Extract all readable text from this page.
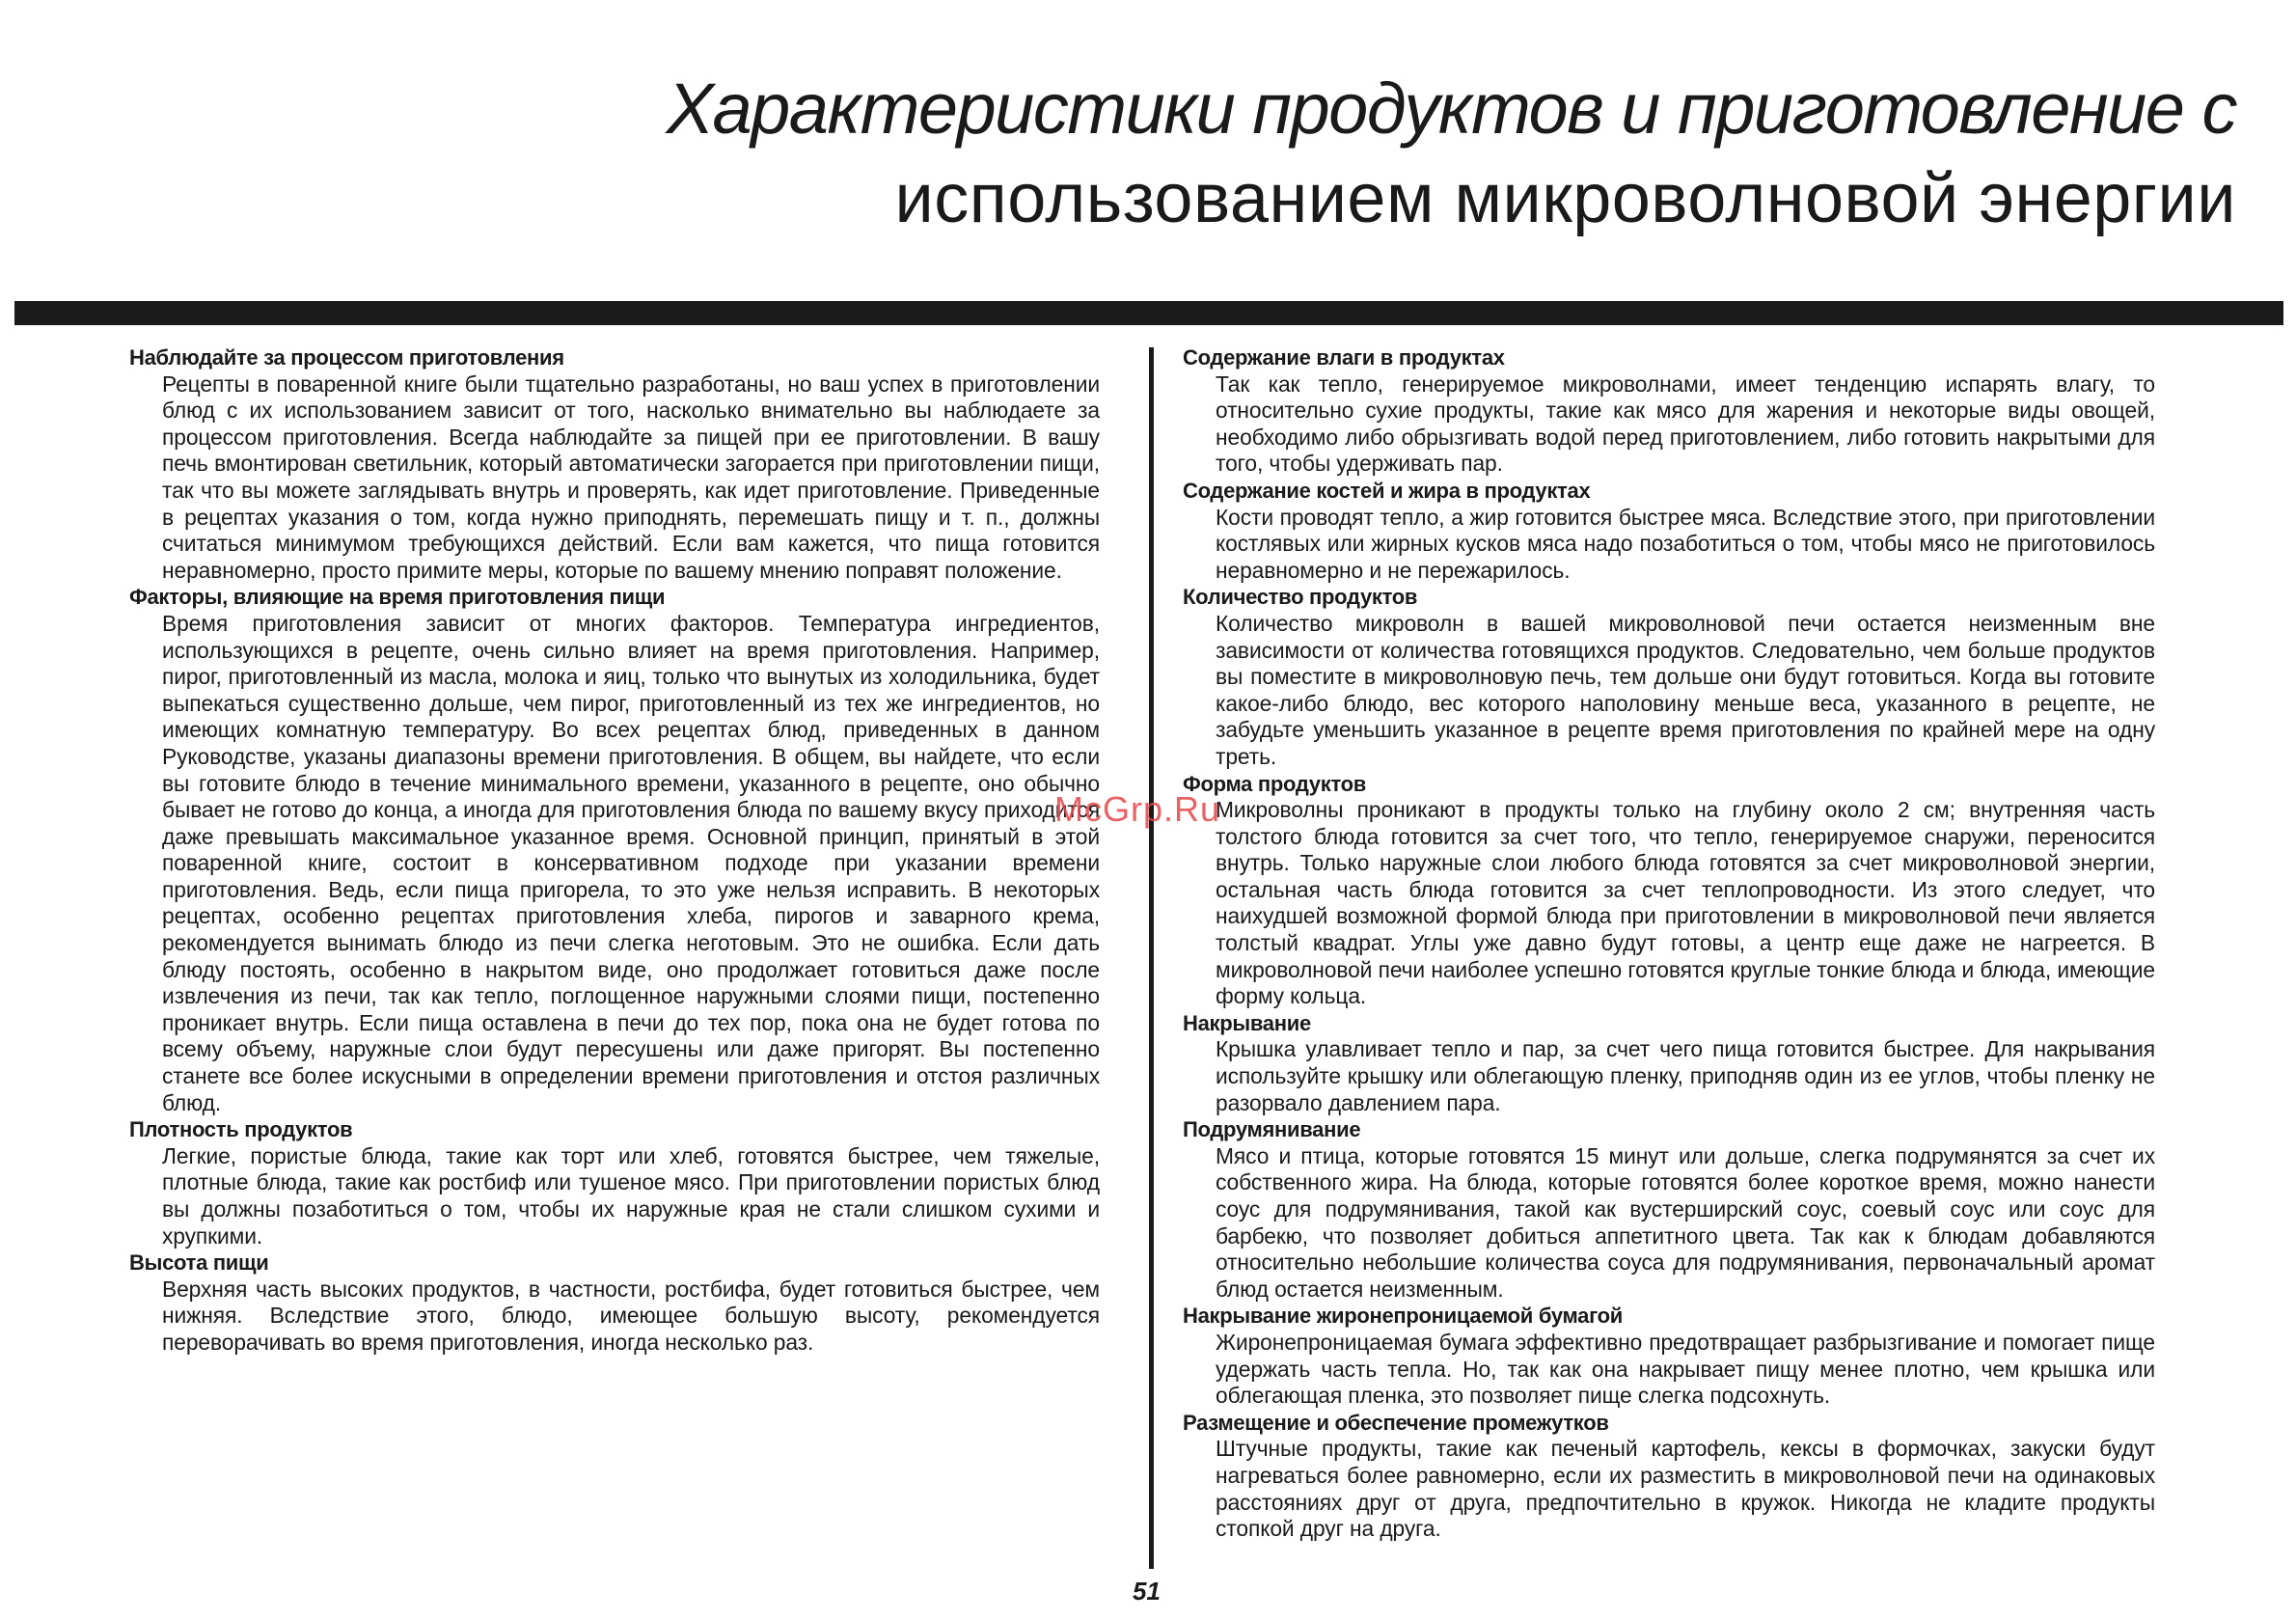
Характеристики продуктов и приготовление с
использованием микроволновой энергии
Наблюдайте за процессом приготовления

Рецепты в поваренной книге были тщательно разработаны, но ваш успех в приготовлении блюд с их использованием зависит от того, насколько внимательно вы наблюдаете за процессом приготовления. Всегда наблюдайте за пищей при ее приготовлении. В вашу печь вмонтирован светильник, который автоматически загорается при приготовлении пищи, так что вы можете заглядывать внутрь и проверять, как идет приготовление. Приведенные в рецептах указания о том, когда нужно приподнять, перемешать пищу и т. п., должны считаться минимумом требующихся действий. Если вам кажется, что пища готовится неравномерно, просто примите меры, которые по вашему мнению поправят положение.

Факторы, влияющие на время приготовления пищи

Время приготовления зависит от многих факторов. Температура ингредиентов, использующихся в рецепте, очень сильно влияет на время приготовления. Например, пирог, приготовленный из масла, молока и яиц, только что вынутых из холодильника, будет выпекаться существенно дольше, чем пирог, приготовленный из тех же ингредиентов, но имеющих комнатную температуру. Во всех рецептах блюд, приведенных в данном Руководстве, указаны диапазоны времени приготовления. В общем, вы найдете, что если вы готовите блюдо в течение минимального времени, указанного в рецепте, оно обычно бывает не готово до конца, а иногда для приготовления блюда по вашему вкусу приходится даже превышать максимальное указанное время. Основной принцип, принятый в этой поваренной книге, состоит в консервативном подходе при указании времени приготовления. Ведь, если пища пригорела, то это уже нельзя исправить. В некоторых рецептах, особенно рецептах приготовления хлеба, пирогов и заварного крема, рекомендуется вынимать блюдо из печи слегка неготовым. Это не ошибка. Если дать блюду постоять, особенно в накрытом виде, оно продолжает готовиться даже после извлечения из печи, так как тепло, поглощенное наружными слоями пищи, постепенно проникает внутрь. Если пища оставлена в печи до тех пор, пока она не будет готова по всему объему, наружные слои будут пересушены или даже пригорят. Вы постепенно станете все более искусными в определении времени приготовления и отстоя различных блюд.

Плотность продуктов

Легкие, пористые блюда, такие как торт или хлеб, готовятся быстрее, чем тяжелые, плотные блюда, такие как ростбиф или тушеное мясо. При приготовлении пористых блюд вы должны позаботиться о том, чтобы их наружные края не стали слишком сухими и хрупкими.

Высота пищи

Верхняя часть высоких продуктов, в частности, ростбифа, будет готовиться быстрее, чем нижняя. Вследствие этого, блюдо, имеющее большую высоту, рекомендуется переворачивать во время приготовления, иногда несколько раз.

Содержание влаги в продуктах

Так как тепло, генерируемое микроволнами, имеет тенденцию испарять влагу, то относительно сухие продукты, такие как мясо для жарения и некоторые виды овощей, необходимо либо обрызгивать водой перед приготовлением, либо готовить накрытыми для того, чтобы удерживать пар.

Содержание костей и жира в продуктах

Кости проводят тепло, а жир готовится быстрее мяса. Вследствие этого, при приготовлении костлявых или жирных кусков мяса надо позаботиться о том, чтобы мясо не приготовилось неравномерно и не пережарилось.

Количество продуктов

Количество микроволн в вашей микроволновой печи остается неизменным вне зависимости от количества готовящихся продуктов. Следовательно, чем больше продуктов вы поместите в микроволновую печь, тем дольше они будут готовиться. Когда вы готовите какое-либо блюдо, вес которого наполовину меньше веса, указанного в рецепте, не забудьте уменьшить указанное в рецепте время приготовления по крайней мере на одну треть.

Форма продуктов

Микроволны проникают в продукты только на глубину около 2 см; внутренняя часть толстого блюда готовится за счет того, что тепло, генерируемое снаружи, переносится внутрь. Только наружные слои любого блюда готовятся за счет микроволновой энергии, остальная часть блюда готовится за счет теплопроводности. Из этого следует, что наихудшей возможной формой блюда при приготовлении в микроволновой печи является толстый квадрат. Углы уже давно будут готовы, а центр еще даже не нагреется. В микроволновой печи наиболее успешно готовятся круглые тонкие блюда и блюда, имеющие форму кольца.

Накрывание

Крышка улавливает тепло и пар, за счет чего пища готовится быстрее. Для накрывания используйте крышку или облегающую пленку, приподняв один из ее углов, чтобы пленку не разорвало давлением пара.

Подрумянивание

Мясо и птица, которые готовятся 15 минут или дольше, слегка подрумянятся за счет их собственного жира. На блюда, которые готовятся более короткое время, можно нанести соус для подрумянивания, такой как вустерширский соус, соевый соус или соус для барбекю, что позволяет добиться аппетитного цвета. Так как к блюдам добавляются относительно небольшие количества соуса для подрумянивания, первоначальный аромат блюд остается неизменным.

Накрывание жиронепроницаемой бумагой

Жиронепроницаемая бумага эффективно предотвращает разбрызгивание и помогает пище удержать часть тепла. Но, так как она накрывает пищу менее плотно, чем крышка или облегающая пленка, это позволяет пище слегка подсохнуть.

Размещение и обеспечение промежутков

Штучные продукты, такие как печеный картофель, кексы в формочках, закуски будут нагреваться более равномерно, если их разместить в микроволновой печи на одинаковых расстояниях друг от друга, предпочтительно в кружок. Никогда не кладите продукты стопкой друг на друга.

McGrp.Ru
51
